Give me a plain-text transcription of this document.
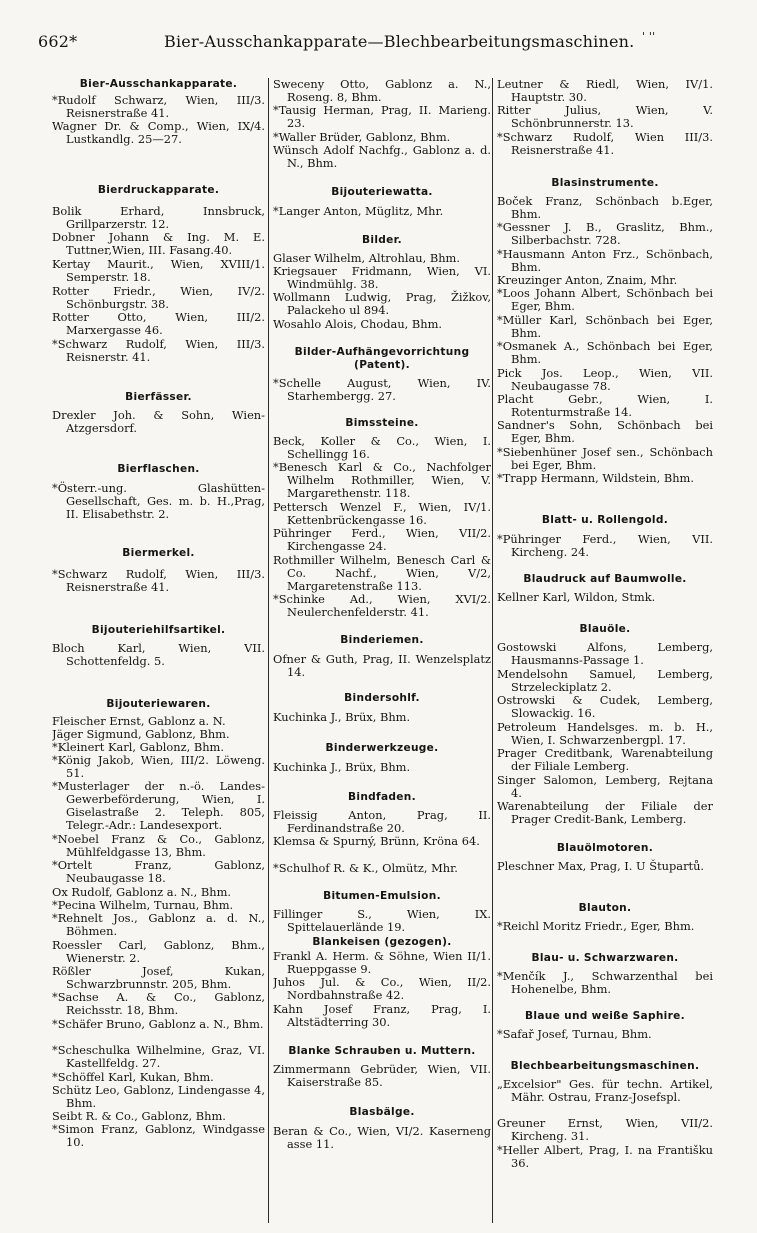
662*	Bier-Ausschankapparate—Blechbearbeitungsmaschinen. ' ''
Bier-Ausschankapparate.
*Rudolf Schwarz, Wien, III/3. Reisnerstraße 41.
Wagner Dr. & Comp., Wien, IX/4. Lustkandlg. 25—27.
Bierdruckapparate.
Bolik Erhard, Innsbruck, Grillparzerstr. 12.
Dobner Johann & Ing. M. E. Tuttner,Wien, III. Fasang.40.
Kertay Maurit., Wien, XVIII/1. Semperstr. 18.
Rotter Friedr., Wien, IV/2. Schönburgstr. 38.
Rotter Otto, Wien, III/2. Marxergasse 46.
*Schwarz Rudolf, Wien, III/3. Reisnerstr. 41.
Bierfässer.
Drexler Joh. & Sohn, Wien-Atzgersdorf.
Bierflaschen.
*Österr.-ung. Glashütten-Gesellschaft, Ges. m. b. H.,Prag, II. Elisabethstr. 2.
Biermerkel.
*Schwarz Rudolf, Wien, III/3. Reisnerstraße 41.
Bijouteriehilfsartikel.
Bloch Karl, Wien, VII. Schottenfeldg. 5.
Bijouteriewaren.
Fleischer Ernst, Gablonz a. N.
Jäger Sigmund, Gablonz, Bhm.
*Kleinert Karl, Gablonz, Bhm.
*König Jakob, Wien, III/2. Löweng. 51.
*Musterlager der n.-ö. Landes-Gewerbeförderung, Wien, I. Giselastraße 2. Teleph. 805, Telegr.-Adr.: Landesexport.
*Noebel Franz & Co., Gablonz, Mühlfeldgasse 13, Bhm.
*Ortelt Franz, Gablonz, Neubaugasse 18.
Ox Rudolf, Gablonz a. N., Bhm.
*Pecina Wilhelm, Turnau, Bhm.
*Rehnelt Jos., Gablonz a. d. N., Böhmen.
Roessler Carl, Gablonz, Bhm., Wienerstr. 2.
Rößler Josef, Kukan, Schwarzbrunnstr. 205, Bhm.
*Sachse A. & Co., Gablonz, Reichsstr. 18, Bhm.
*Schäfer Bruno, Gablonz a. N., Bhm.
*Scheschulka Wilhelmine, Graz, VI. Kastellfeldg. 27.
*Schöffel Karl, Kukan, Bhm.
Schütz Leo, Gablonz, Lindengasse 4, Bhm.
Seibt R. & Co., Gablonz, Bhm.
*Simon Franz, Gablonz, Windgasse 10.
Sweceny Otto, Gablonz a. N., Roseng. 8, Bhm.
*Tausig Herman, Prag, II. Marieng. 23.
*Waller Brüder, Gablonz, Bhm.
Wünsch Adolf Nachfg., Gablonz a. d. N., Bhm.
Bijouteriewatta.
*Langer Anton, Müglitz, Mhr.
Bilder.
Glaser Wilhelm, Altrohlau, Bhm.
Kriegsauer Fridmann, Wien, VI. Windmühlg. 38.
Wollmann Ludwig, Prag, Žižkov, Palackeho ul 894.
Wosahlo Alois, Chodau, Bhm.
Bilder-Aufhängevorrichtung (Patent).
*Schelle August, Wien, IV. Starhembergg. 27.
Bimssteine.
Beck, Koller & Co., Wien, I. Schellingg 16.
*Benesch Karl & Co., Nachfolger Wilhelm Rothmiller, Wien, V. Margarethenstr. 118.
Pettersch Wenzel F., Wien, IV/1. Kettenbrückengasse 16.
Pühringer Ferd., Wien, VII/2. Kirchengasse 24.
Rothmiller Wilhelm, Benesch Carl & Co. Nachf., Wien, V/2, Margaretenstraße 113.
*Schinke Ad., Wien, XVI/2. Neulerchenfelderstr. 41.
Binderiemen.
Ofner & Guth, Prag, II. Wenzelsplatz 14.
Bindersohlf.
Kuchinka J., Brüx, Bhm.
Binderwerkzeuge.
Kuchinka J., Brüx, Bhm.
Bindfaden.
Fleissig Anton, Prag, II. Ferdinandstraße 20.
Klemsa & Spurný, Brünn, Kröna 64.
*Schulhof R. & K., Olmütz, Mhr.
Bitumen-Emulsion.
Fillinger S., Wien, IX. Spittelauerlände 19.
Blankeisen (gezogen).
Frankl A. Herm. & Söhne, Wien II/1. Rueppgasse 9.
Juhos Jul. & Co., Wien, II/2. Nordbahnstraße 42.
Kahn Josef Franz, Prag, I. Altstädterring 30.
Blanke Schrauben u. Muttern.
Zimmermann Gebrüder, Wien, VII. Kaiserstraße 85.
Blasbälge.
Beran & Co., Wien, VI/2. Kaserneng asse 11.
Leutner & Riedl, Wien, IV/1. Hauptstr. 30.
Ritter Julius, Wien, V. Schönbrunnerstr. 13.
*Schwarz Rudolf, Wien III/3. Reisnerstraße 41.
Blasinstrumente.
Boček Franz, Schönbach b.Eger, Bhm.
*Gessner J. B., Graslitz, Bhm., Silberbachstr. 728.
*Hausmann Anton Frz., Schönbach, Bhm.
Kreuzinger Anton, Znaim, Mhr.
*Loos Johann Albert, Schönbach bei Eger, Bhm.
*Müller Karl, Schönbach bei Eger, Bhm.
*Osmanek A., Schönbach bei Eger, Bhm.
Pick Jos. Leop., Wien, VII. Neubaugasse 78.
Placht Gebr., Wien, I. Rotenturmstraße 14.
Sandner's Sohn, Schönbach bei Eger, Bhm.
*Siebenhüner Josef sen., Schönbach bei Eger, Bhm.
*Trapp Hermann, Wildstein, Bhm.
Blatt- u. Rollengold.
*Pühringer Ferd., Wien, VII. Kircheng. 24.
Blaudruck auf Baumwolle.
Kellner Karl, Wildon, Stmk.
Blauöle.
Gostowski Alfons, Lemberg, Hausmanns-Passage 1.
Mendelsohn Samuel, Lemberg, Strzeleckiplatz 2.
Ostrowski & Cudek, Lemberg, Slowackig. 16.
Petroleum Handelsges. m. b. H., Wien, I. Schwarzenbergpl. 17.
Prager Creditbank, Warenabteilung der Filiale Lemberg.
Singer Salomon, Lemberg, Rejtana 4.
Warenabteilung der Filiale der Prager Credit-Bank, Lemberg.
Blauölmotoren.
Pleschner Max, Prag, I. U Štupartů.
Blauton.
*Reichl Moritz Friedr., Eger, Bhm.
Blau- u. Schwarzwaren.
*Menčík J., Schwarzenthal bei Hohenelbe, Bhm.
Blaue und weiße Saphire.
*Safař Josef, Turnau, Bhm.
Blechbearbeitungsmaschinen.
„Excelsior" Ges. für techn. Artikel, Mähr. Ostrau, Franz-Josefspl.
Greuner Ernst, Wien, VII/2. Kircheng. 31.
*Heller Albert, Prag, I. na Františku 36.
